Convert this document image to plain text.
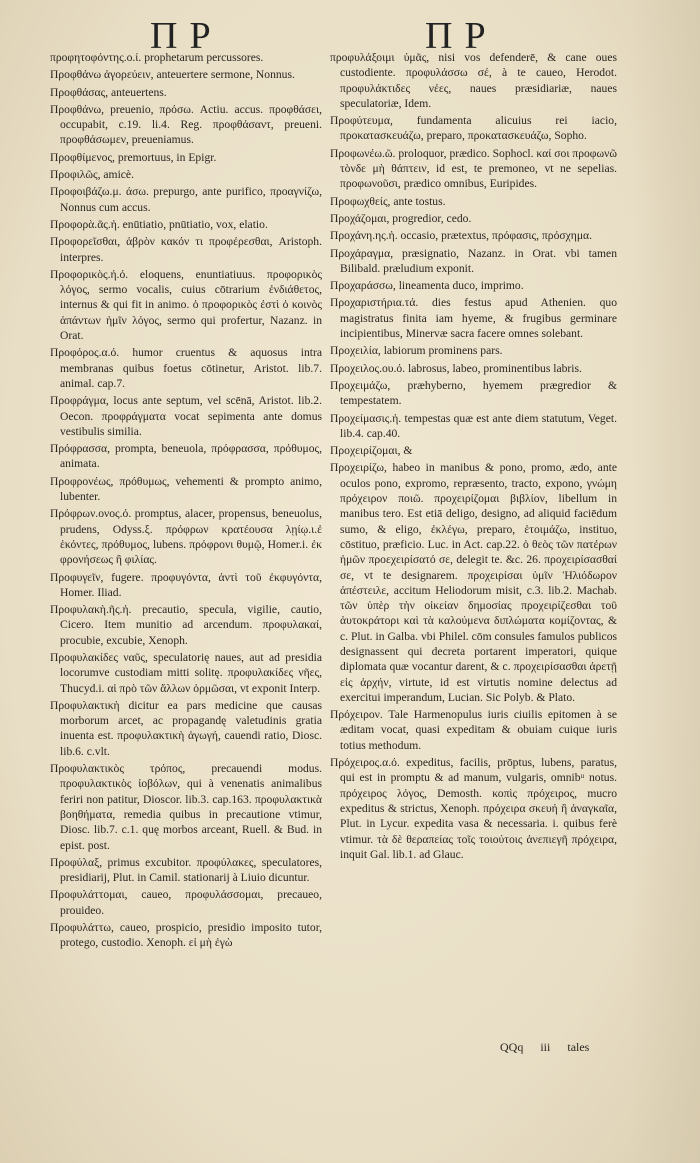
ΠΡ	ΠΡ

προφητοφόντης.ο.ί. prophetarum percussores.

Προφθάνω ἀγορεύειν, anteuertere sermone, Nonnus.

Προφθάσας, anteuertens.

Προφθάνω, preuenio, πρόσω. Actiu. accus. προφθάσει, occupabit, c.19. li.4. Reg. προφθάσαντ, preueni. προφθάσωμεν, preueniamus.

Προφθίμενος, premortuus, in Epigr.

Προφιλῶς, amicè.

Προφοιβάζω.μ. άσω. prepurgo, ante purifico, προαγνίζω, Nonnus cum accus.

Προφορὰ.ᾶς.ἡ. enūtiatio, pnūtiatio, vox, elatio.

Προφορεῖσθαι, ἀβρὸν κακόν τι προφέρεσθαι, Aristoph. interpres.

Προφορικὸς.ή.ό. eloquens, enuntiatiuus. προφορικὸς λόγος, sermo vocalis, cuius cōtrarium ἐνδιάθετος, internus & qui fit in animo. ὁ προφορικὸς ἐστὶ ὁ κοινὸς ἁπάντων ἡμῖν λόγος, sermo qui profertur, Nazanz. in Orat.

Προφόρος.α.ό. humor cruentus & aquosus intra membranas quibus foetus cōtinetur, Aristot. lib.7. animal. cap.7.

Προφράγμα, locus ante septum, vel scēnā, Aristot. lib.2. Oecon. προφράγματα vocat sepimenta ante domus vestibulis similia.

Πρόφρασσα, prompta, beneuola, πρόφρασσα, πρόθυμος, animata.

Προφρονέως, πρόθυμως, vehementi & prompto animo, lubenter.

Πρόφρων.ονος.ό. promptus, alacer, propensus, beneuolus, prudens, Odyss.ξ. πρόφρων κρατέουσα λῃίῳ.ι.ἐ ἑκόντες, πρόθυμος, lubens. πρόφρονι θυμῷ, Homer.i. ἐκ φρονήσεως ἢ φιλίας.

Προφυγεῖν, fugere. προφυγόντα, ἀντὶ τοῦ ἐκφυγόντα, Homer. Iliad.

Προφυλακὴ.ῆς.ἡ. precautio, specula, vigilie, cautio, Cicero. Item munitio ad arcendum. προφυλακαί, procubie, excubie, Xenoph.

Προφυλακίδες ναῦς, speculatorię naues, aut ad presidia locorumve custodiam mitti solitę. προφυλακίδες νῆες, Thucyd.i. αἱ πρὸ τῶν ἄλλων ὁρμῶσαι, vt exponit Interp.

Προφυλακτικὴ dicitur ea pars medicine que causas morborum arcet, ac propagandę valetudinis gratia inuenta est. προφυλακτικὴ ἀγωγή, cauendi ratio, Diosc. lib.6. c.vlt.

Προφυλακτικὸς τρόπος, precauendi modus. προφυλακτικὸς ἰοβόλων, qui à venenatis animalibus feriri non patitur, Dioscor. lib.3. cap.163. προφυλακτικὰ βοηθήματα, remedia quibus in precautione vtimur, Diosc. lib.7. c.1. quę morbos arceant, Ruell. & Bud. in epist. post.

Προφύλαξ, primus excubitor. προφύλακες, speculatores, presidiarij, Plut. in Camil. stationarij à Liuio dicuntur.

Προφυλάττομαι, caueo, προφυλάσσομαι, precaueo, prouideo.

Προφυλάττω, caueo, prospicio, presidio imposito tutor, protego, custodio. Xenoph. εἰ μὴ ἐγὼ

προφυλάξοιμι ὑμᾶς, nisi vos defenderē, & cane oues custodiente. προφυλάσσω σέ, à te caueo, Herodot. προφυλάκτιδες νέες, naues prӕsidiariӕ, naues speculatoriӕ, Idem.

Προφύτευμα, fundamenta alicuius rei iacio, προκατασκευάζω, preparo, προκατασκευάζω, Sopho.

Προφωνέω.ῶ. proloquor, prӕdico. Sophocl. καί σοι προφωνῶ τὸνδε μὴ θάπτειν, id est, te premoneo, vt ne sepelias. προφωνοῦσι, prӕdico omnibus, Euripides.

Προφωχθείς, ante tostus.

Προχάζομαι, progredior, cedo.

Προχάνη.ης.ἡ. occasio, prӕtextus, πρόφασις, πρόσχημα.

Προχάραγμα, prӕsignatio, Nazanz. in Orat. vbi tamen Bilibald. prӕludium exponit.

Προχαράσσω, lineamenta duco, imprimo.

Προχαριστήρια.τά. dies festus apud Athenien. quo magistratus finita iam hyeme, & frugibus germinare incipientibus, Minervӕ sacra facere omnes solebant.

Προχειλία, labiorum prominens pars.

Προχειλος.ου.ό. labrosus, labeo, prominentibus labris.

Προχειμάζω, prӕhyberno, hyemem prӕgredior & tempestatem.

Προχείμασις.ἡ. tempestas quӕ est ante diem statutum, Veget. lib.4. cap.40.

Προχειρίζομαι, &

Προχειρίζω, habeo in manibus & pono, promo, ӕdo, ante oculos pono, expromo, reprӕsento, tracto, expono, γνώμη πρόχειρον ποιῶ. προχειρίζομαι βιβλίον, libellum in manibus tero. Est etiā deligo, designo, ad aliquid faciēdum sumo, & eligo, ἐκλέγω, preparo, ἑτοιμάζω, instituo, cōstituo, prӕficio. Luc. in Act. cap.22. ὁ θεὸς τῶν πατέρων ἡμῶν προεχειρίσατό σε, delegit te. &c. 26. προχειρίσασθαί σε, vt te designarem. προχειρίσαι ὑμῖν Ἡλιόδωρον ἀπέστειλε, accitum Heliodorum misit, c.3. lib.2. Machab. τῶν ὑπὲρ τὴν οἰκείαν δημοσίας προχειρίζεσθαι τοῦ ἀυτοκράτορι καὶ τὰ καλούμενα διπλώματα κομίζοντας, & c. Plut. in Galba. vbi Philel. cōm consules famulos publicos designassent qui decreta portarent imperatori, quique diplomata quӕ vocantur darent, & c. προχειρίσασθαι ἀρετῇ εἰς ἀρχήν, virtute, id est virtutis nomine delectus ad exercitui imperandum, Lucian. Sic Polyb. & Plato.

Πρόχειρον. Tale Harmenopulus iuris ciuilis epitomen à se ӕditam vocat, quasi expeditam & obuiam cuique iuris totius methodum.

Πρόχειρος.α.ό. expeditus, facilis, prōptus, lubens, paratus, qui est in promptu & ad manum, vulgaris, omnibᵘ notus. πρόχειρος λόγος, Demosth. κοπὶς πρόχειρος, mucro expeditus & strictus, Xenoph. πρόχειρα σκευή ἢ ἀναγκαῖα, Plut. in Lycur. expedita vasa & necessaria. i. quibus ferè vtimur. τὰ δὲ θεραπείας τοῖς τοιούτοις ἀνεπιεγῆ πρόχειρα, inquit Gal. lib.1. ad Glauc.

QQq iii tales
